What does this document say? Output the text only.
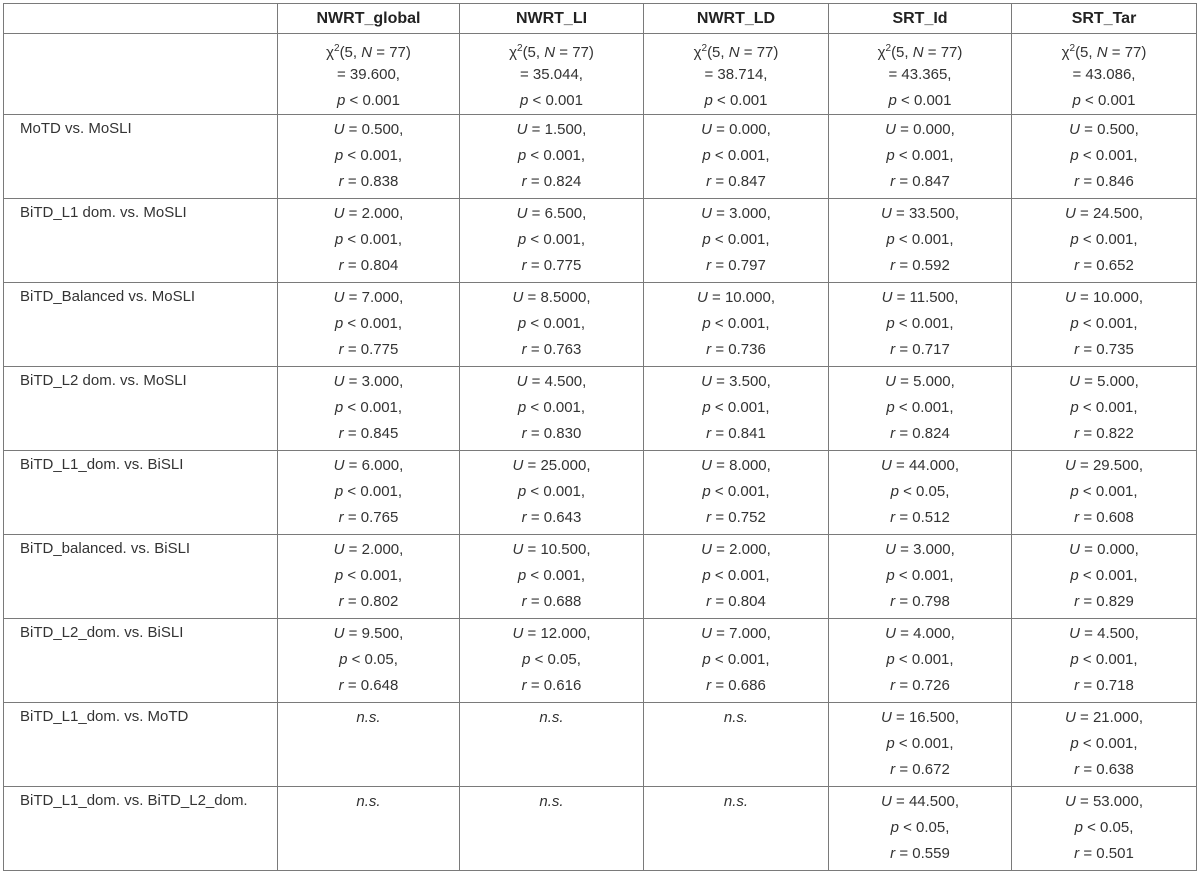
	NWRT_global	NWRT_LI	NWRT_LD	SRT_Id	SRT_Tar

	$\chi^2(5$, N = 77)
= 39.600,
p < 0.001	$\chi^2(5$, N = 77)
= 35.044,
p < 0.001	$\chi^2(5$, N = 77)
= 38.714,
p < 0.001	$\chi^2(5$, N = 77)
= 43.365,
p < 0.001	$\chi^2(5$, N = 77)
= 43.086,
p < 0.001

MoTD vs. MoSLI	U = 0.500,
p < 0.001,
r = 0.838	U = 1.500,
p < 0.001,
r = 0.824	U = 0.000,
p < 0.001,
r = 0.847	U = 0.000,
p < 0.001,
r = 0.847	U = 0.500,
p < 0.001,
r = 0.846

BiTD_L1 dom. vs. MoSLI	U = 2.000,
p < 0.001,
r = 0.804	U = 6.500,
p < 0.001,
r = 0.775	U = 3.000,
p < 0.001,
r = 0.797	U = 33.500,
p < 0.001,
r = 0.592	U = 24.500,
p < 0.001,
r = 0.652

BiTD_Balanced vs. MoSLI	U = 7.000,
p < 0.001,
r = 0.775	U = 8.5000,
p < 0.001,
r = 0.763	U = 10.000,
p < 0.001,
r = 0.736	U = 11.500,
p < 0.001,
r = 0.717	U = 10.000,
p < 0.001,
r = 0.735

BiTD_L2 dom. vs. MoSLI	U = 3.000,
p < 0.001,
r = 0.845	U = 4.500,
p < 0.001,
r = 0.830	U = 3.500,
p < 0.001,
r = 0.841	U = 5.000,
p < 0.001,
r = 0.824	U = 5.000,
p < 0.001,
r = 0.822

BiTD_L1_dom. vs. BiSLI	U = 6.000,
p < 0.001,
r = 0.765	U = 25.000,
p < 0.001,
r = 0.643	U = 8.000,
p < 0.001,
r = 0.752	U = 44.000,
p < 0.05,
r = 0.512	U = 29.500,
p < 0.001,
r = 0.608

BiTD_balanced. vs. BiSLI	U = 2.000,
p < 0.001,
r = 0.802	U = 10.500,
p < 0.001,
r = 0.688	U = 2.000,
p < 0.001,
r = 0.804	U = 3.000,
p < 0.001,
r = 0.798	U = 0.000,
p < 0.001,
r = 0.829

BiTD_L2_dom. vs. BiSLI	U = 9.500,
p < 0.05,
r = 0.648	U = 12.000,
p < 0.05,
r = 0.616	U = 7.000,
p < 0.001,
r = 0.686	U = 4.000,
p < 0.001,
r = 0.726	U = 4.500,
p < 0.001,
r = 0.718

BiTD_L1_dom. vs. MoTD	n.s.	n.s.	n.s.	U = 16.500,
p < 0.001,
r = 0.672	U = 21.000,
p < 0.001,
r = 0.638

BiTD_L1_dom. vs. BiTD_L2_dom.	n.s.	n.s.	n.s.	U = 44.500,
p < 0.05,
r = 0.559	U = 53.000,
p < 0.05,
r = 0.501
